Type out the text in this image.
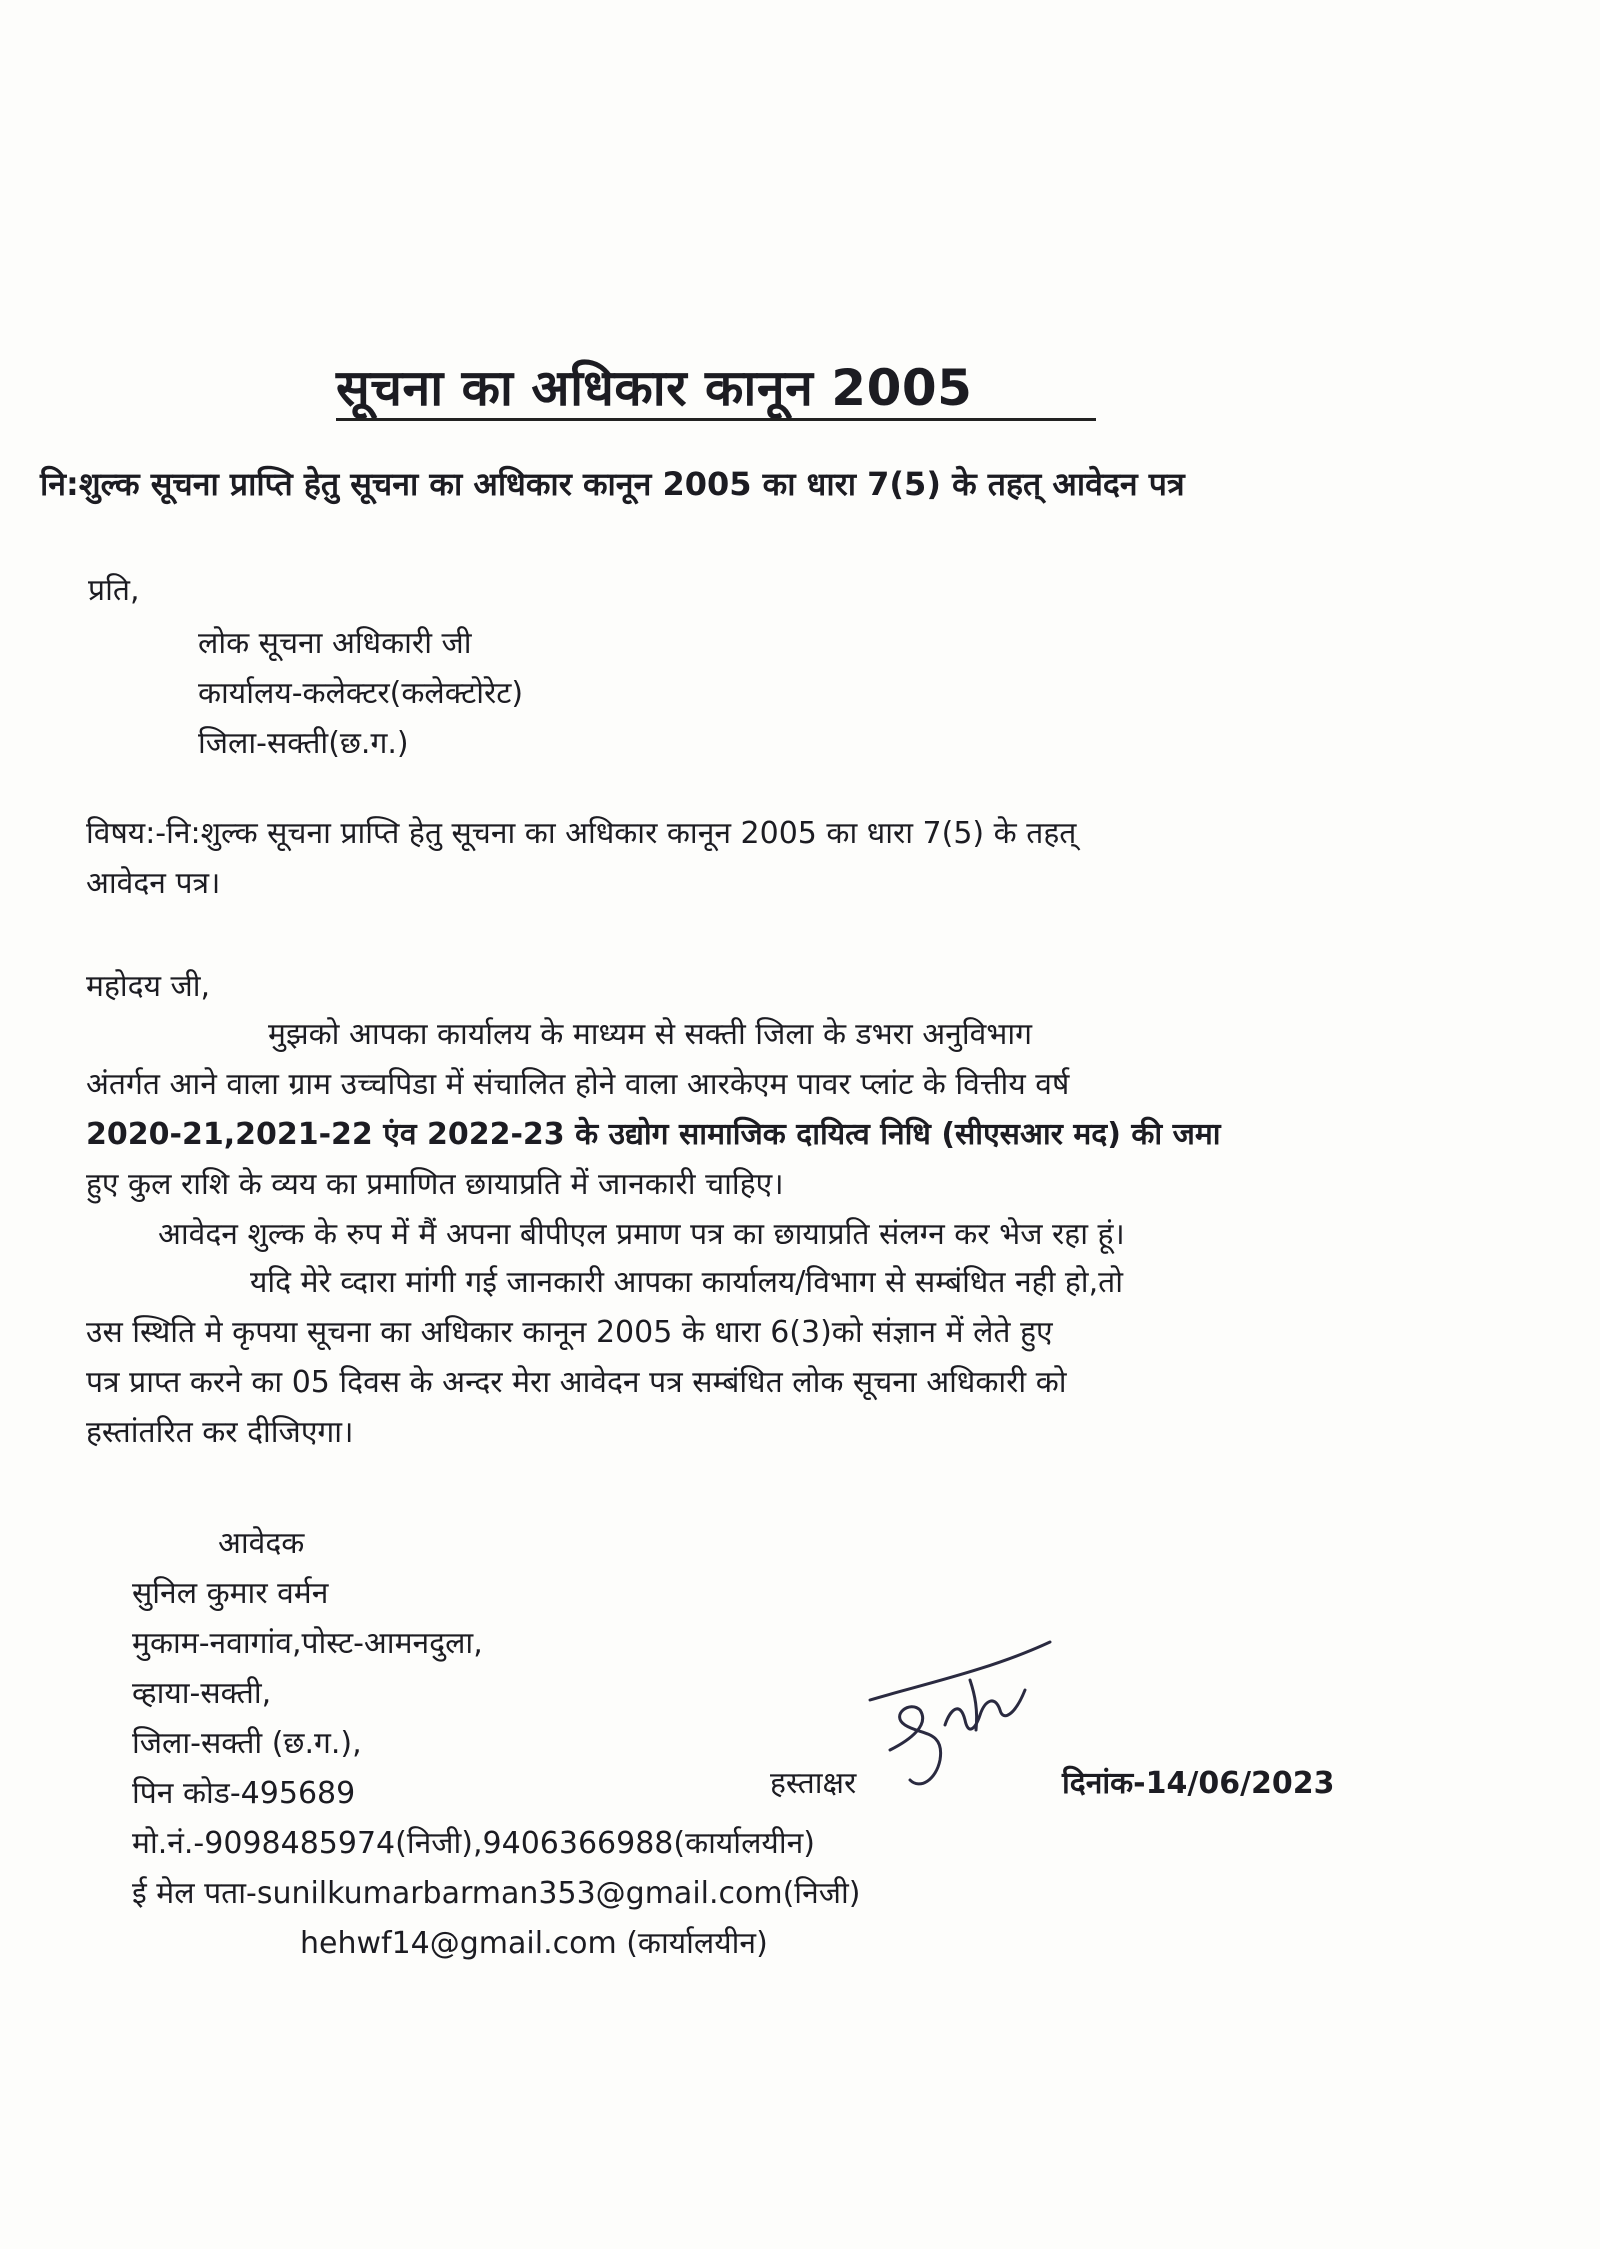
सूचना का अधिकार कानून 2005
नि:शुल्क सूचना प्राप्ति हेतु सूचना का अधिकार कानून 2005 का धारा 7(5) के तहत् आवेदन पत्र
प्रति,
लोक सूचना अधिकारी जी
कार्यालय-कलेक्टर(कलेक्टोरेट)
जिला-सक्ती(छ.ग.)
विषय:-नि:शुल्क सूचना प्राप्ति हेतु सूचना का अधिकार कानून 2005 का धारा 7(5) के तहत्
आवेदन पत्र।
महोदय जी,
मुझको आपका कार्यालय के माध्यम से सक्ती जिला के डभरा अनुविभाग
अंतर्गत आने वाला ग्राम उच्चपिडा में संचालित होने वाला आरकेएम पावर प्लांट के वित्तीय वर्ष
2020-21,2021-22 एंव 2022-23 के उद्योग सामाजिक दायित्व निधि (सीएसआर मद) की जमा
हुए कुल राशि के व्यय का प्रमाणित छायाप्रति में जानकारी चाहिए।
आवेदन शुल्क के रुप में मैं अपना बीपीएल प्रमाण पत्र का छायाप्रति संलग्न कर भेज रहा हूं।
यदि मेरे व्दारा मांगी गई जानकारी आपका कार्यालय/विभाग से सम्बंधित नही हो,तो
उस स्थिति मे कृपया सूचना का अधिकार कानून 2005 के धारा 6(3)को संज्ञान में लेते हुए
पत्र प्राप्त करने का 05 दिवस के अन्दर मेरा आवेदन पत्र सम्बंधित लोक सूचना अधिकारी को
हस्तांतरित कर दीजिएगा।
आवेदक
सुनिल कुमार वर्मन
मुकाम-नवागांव,पोस्ट-आमनदुला,
व्हाया-सक्ती,
जिला-सक्ती (छ.ग.),
पिन कोड-495689
मो.नं.-9098485974(निजी),9406366988(कार्यालयीन)
ई मेल पता-sunilkumarbarman353@gmail.com(निजी)
hehwf14@gmail.com (कार्यालयीन)
हस्ताक्षर	दिनांक-14/06/2023
